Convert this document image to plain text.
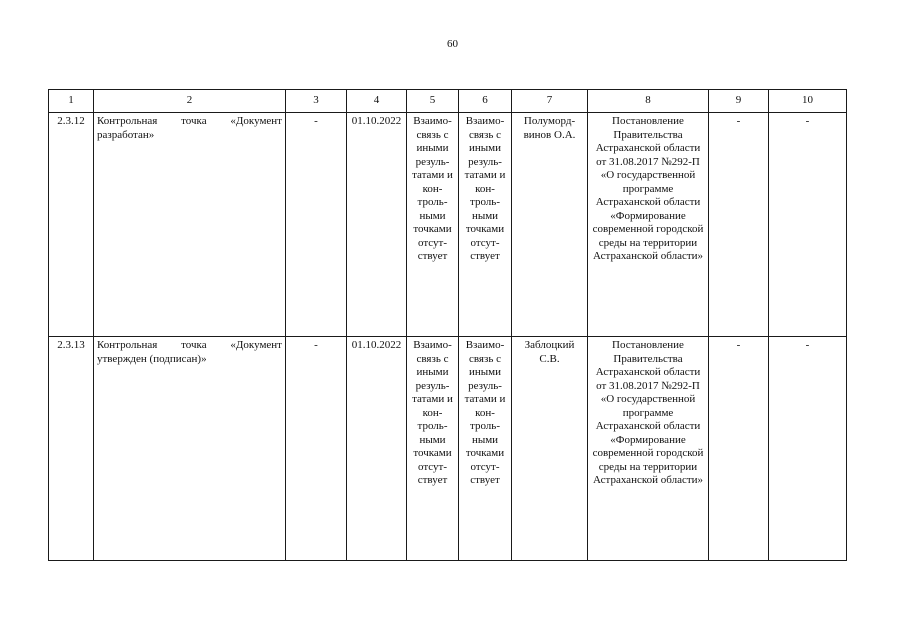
60
1	2	3	4	5	6	7	8	9	10
2.3.12	Контрольная точка «Документ разработан»	-	01.10.2022	Взаимо-связь с иными резуль-татами и кон-троль-ными точками отсут-ствует	Взаимо-связь с иными резуль-татами и кон-троль-ными точками отсут-ствует	Полуморд-винов О.А.	Постановление Правительства Астраханской области от 31.08.2017 №292-П «О государственной программе Астраханской области «Формирование современной городской среды на территории Астраханской области»	-	-
2.3.13	Контрольная точка «Документ утвержден (подписан)»	-	01.10.2022	Взаимо-связь с иными резуль-татами и кон-троль-ными точками отсут-ствует	Взаимо-связь с иными резуль-татами и кон-троль-ными точками отсут-ствует	Заблоцкий С.В.	Постановление Правительства Астраханской области от 31.08.2017 №292-П «О государственной программе Астраханской области «Формирование современной городской среды на территории Астраханской области»	-	-
